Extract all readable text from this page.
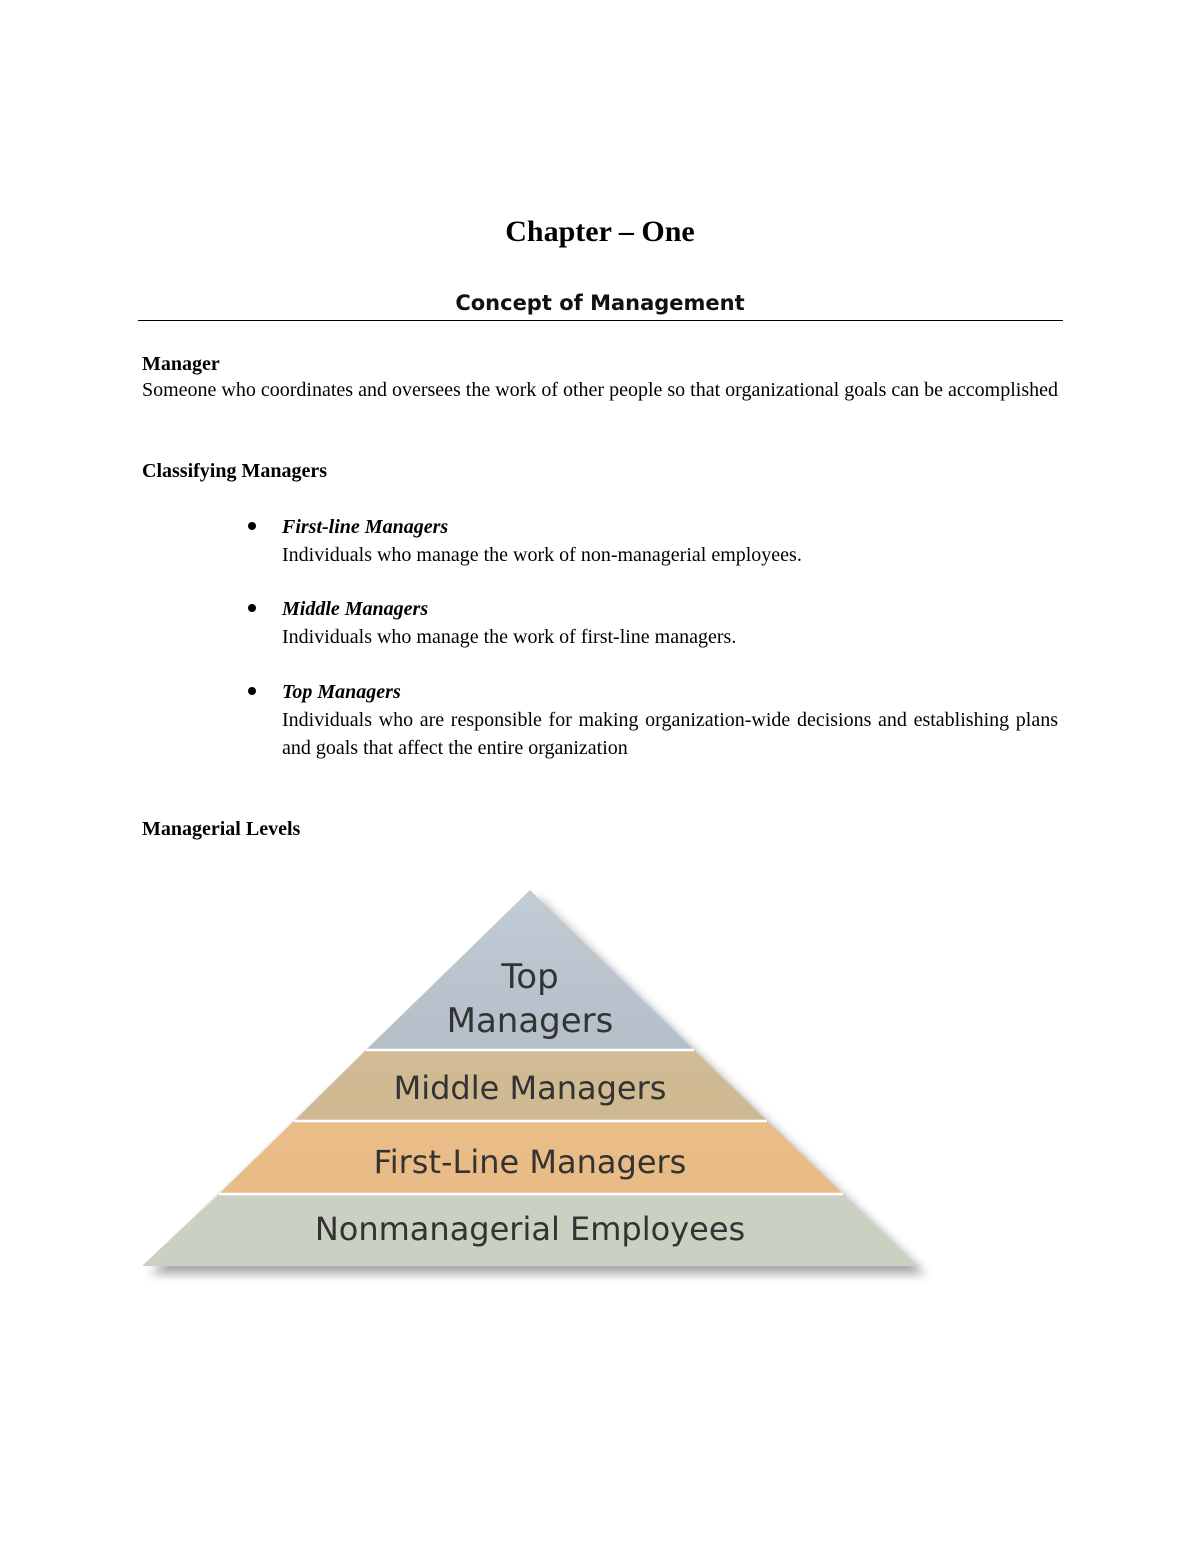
Chapter – One
Concept of Management
Manager
Someone who coordinates and oversees the work of other people so that organizational goals can be accomplished
Classifying Managers
First-line Managers
Individuals who manage the work of non-managerial employees.
Middle Managers
Individuals who manage the work of first-line managers.
Top Managers
Individuals who are responsible for making organization-wide decisions and establishing plans and goals that affect the entire organization
Managerial Levels
Top
Managers
Middle Managers
First-Line Managers
Nonmanagerial Employees
